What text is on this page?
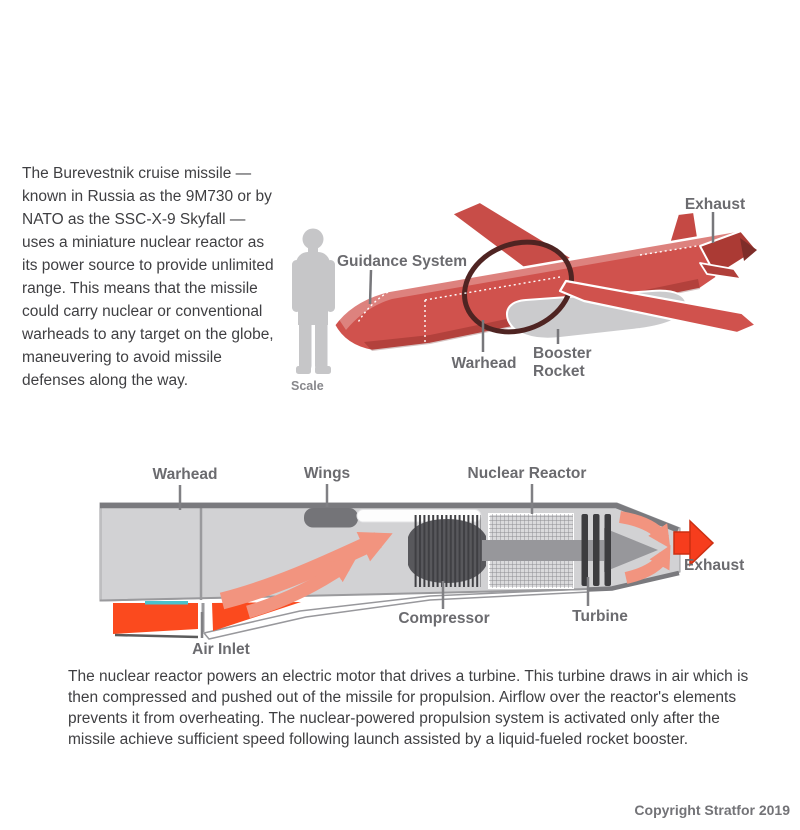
The Burevestnik cruise missile — known in Russia as the 9M730 or by NATO as the SSC-X-9 Skyfall — uses a miniature nuclear reactor as its power source to provide unlimited range. This means that the missile could carry nuclear or conventional warheads to any target on the globe, maneuvering to avoid missile defenses along the way.	Scale
Guidance System
Exhaust
Warhead
Booster
Rocket
Warhead	Wings	Nuclear Reactor
Air Inlet
Compressor	Turbine
Exhaust
The nuclear reactor powers an electric motor that drives a turbine. This turbine draws in air which is then compressed and pushed out of the missile for propulsion. Airflow over the reactor's elements prevents it from overheating. The nuclear-powered propulsion system is activated only after the missile achieve sufficient speed following launch assisted by a liquid-fueled rocket booster.
Copyright Stratfor 2019
